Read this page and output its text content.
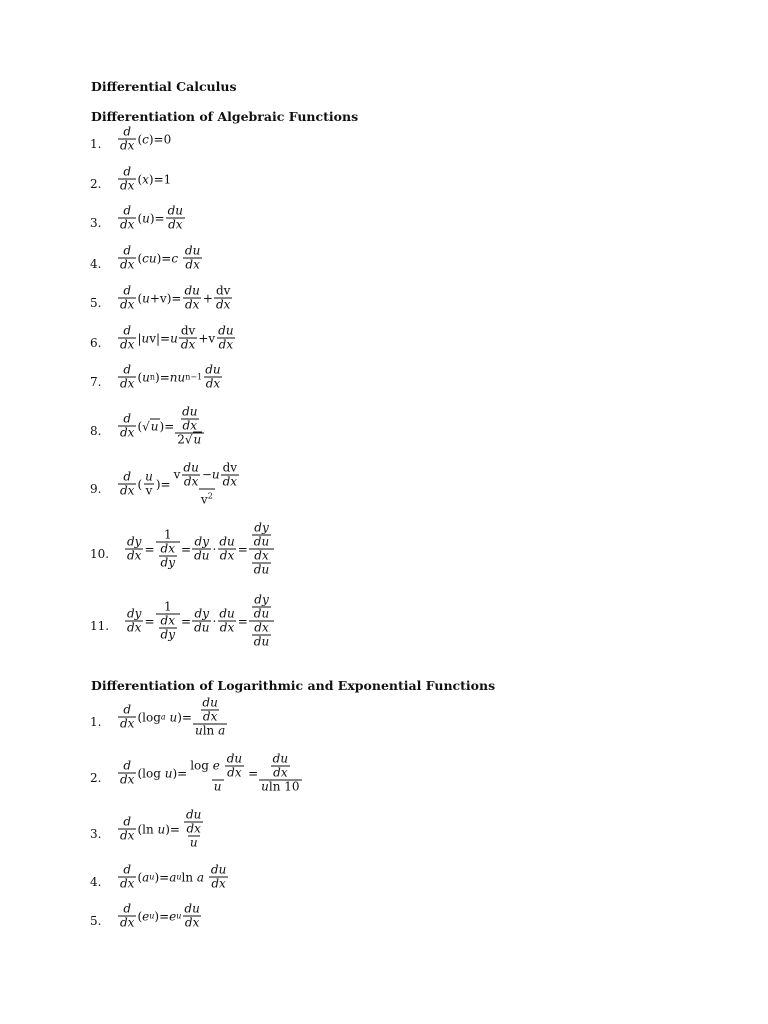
Differential Calculus
Differentiation of Algebraic Functions
1.
2.
3.
4.
5.
6.
7.
8.
9.
10.
11.
d
dx ( c )=0
d
dx ( x )=1
d
dx ( u )=
du
dx
d
dx ( cu )= c

du
dx
d
dx ( u +v)=
du
dx +
dv
dx
d
dx | u v|= u
dv
dx +v
du
dx
d
dx ( u n )= nu n−1
du
dx
d
dx (√ u )= $\frac{du}{dx}$
2√u
d
dx (
u
v )=
v $\frac{du}{dx} -u \frac{dv}{dx}$
$v^2$
dy
dx =
1
$\frac{dx}{dy}$ =
dy
du ·
du
dx =
$\frac{dy}{du}$
$\frac{dx}{du}$
dy
dx =
1
$\frac{dx}{dy}$ =
dy
du ·
du
dx =
$\frac{dy}{du}$
$\frac{dx}{du}$
Differentiation of Logarithmic and Exponential Functions
1.
2.
3.
4.
5.
d
dx (log a
u )= $\frac{du}{dx}$
uln a
d
dx (log u )=
log e $\frac{du}{dx}$
u
= $\frac{du}{dx}$
uln 10
d
dx (ln u )= $\frac{du}{dx}$
u
d
dx ( a u )= a u ln a

du
dx
d
dx ( e u )= e u
du
dx
